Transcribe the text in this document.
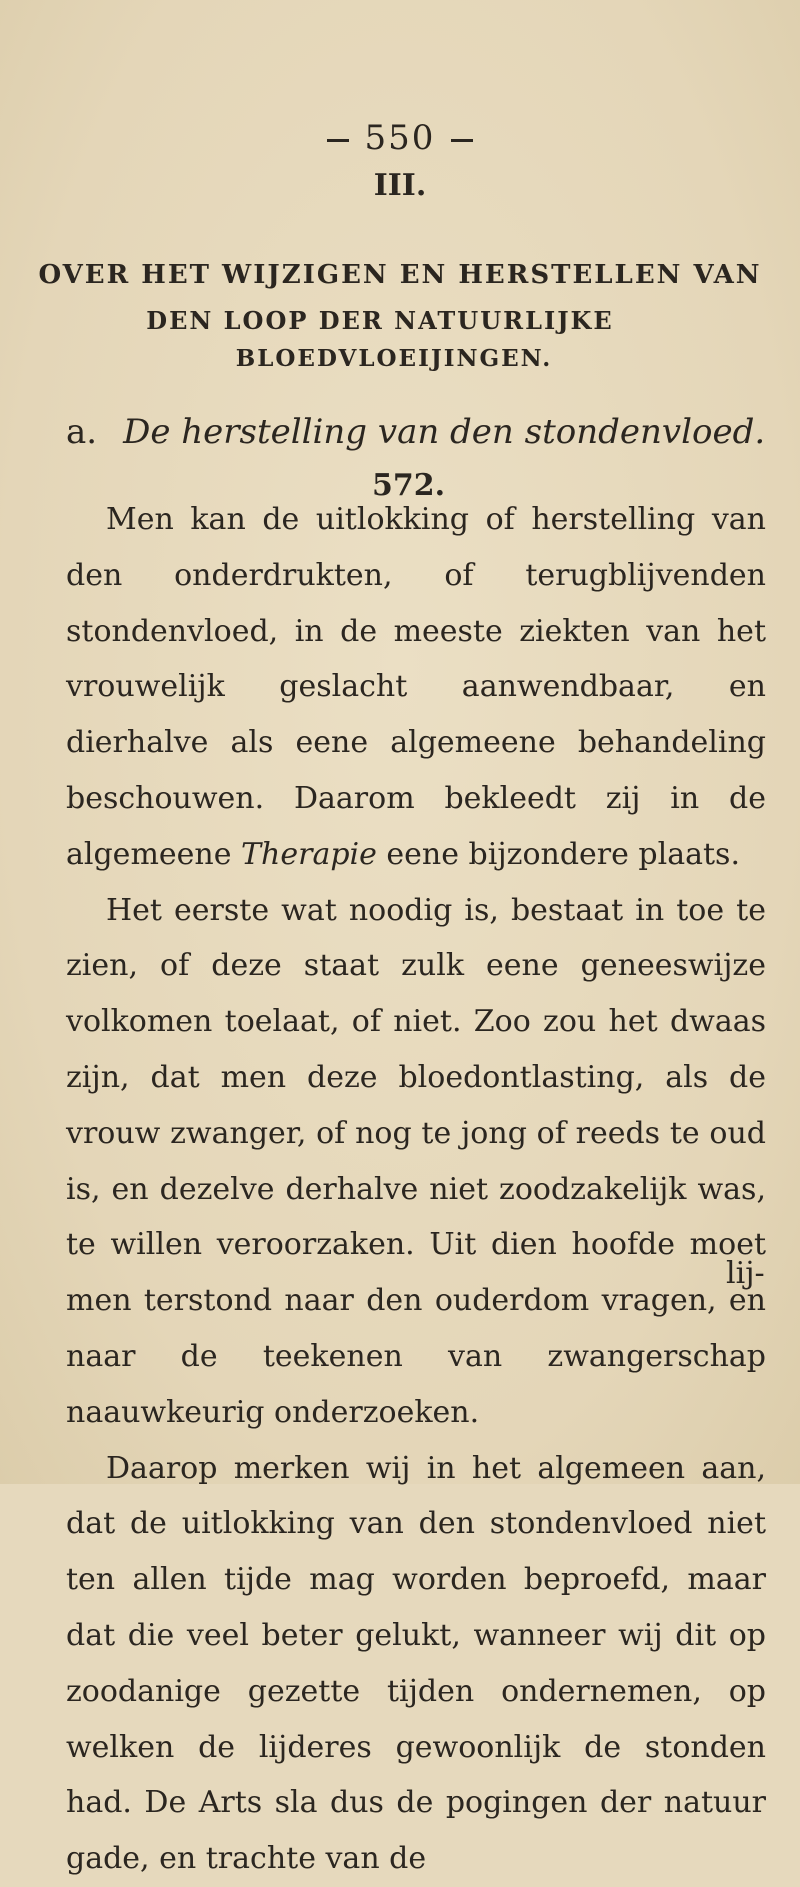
550
III.
OVER HET WIJZIGEN EN HERSTELLEN VAN
DEN LOOP DER NATUURLIJKE
BLOEDVLOEIJINGEN.
a. De herstelling van den stondenvloed.
572.

Men kan de uitlokking of herstelling van den onderdrukten, of terugblijvenden stondenvloed, in de meeste ziekten van het vrouwelijk geslacht aanwendbaar, en dierhalve als eene algemeene behandeling beschouwen. Daarom bekleedt zij in de algemeene Therapie eene bijzondere plaats.

Het eerste wat noodig is, bestaat in toe te zien, of deze staat zulk eene geneeswijze volkomen toelaat, of niet. Zoo zou het dwaas zijn, dat men deze bloedontlasting, als de vrouw zwanger, of nog te jong of reeds te oud is, en dezelve derhalve niet zoodzakelijk was, te willen veroorzaken. Uit dien hoofde moet men terstond naar den ouderdom vragen, en naar de teekenen van zwangerschap naauwkeurig onderzoeken.

Daarop merken wij in het algemeen aan, dat de uitlokking van den stondenvloed niet ten allen tijde mag worden beproefd, maar dat die veel beter gelukt, wanneer wij dit op zoodanige gezette tijden ondernemen, op welken de lijderes gewoonlijk de stonden had. De Arts sla dus de pogingen der natuur gade, en trachte van de

lij-
